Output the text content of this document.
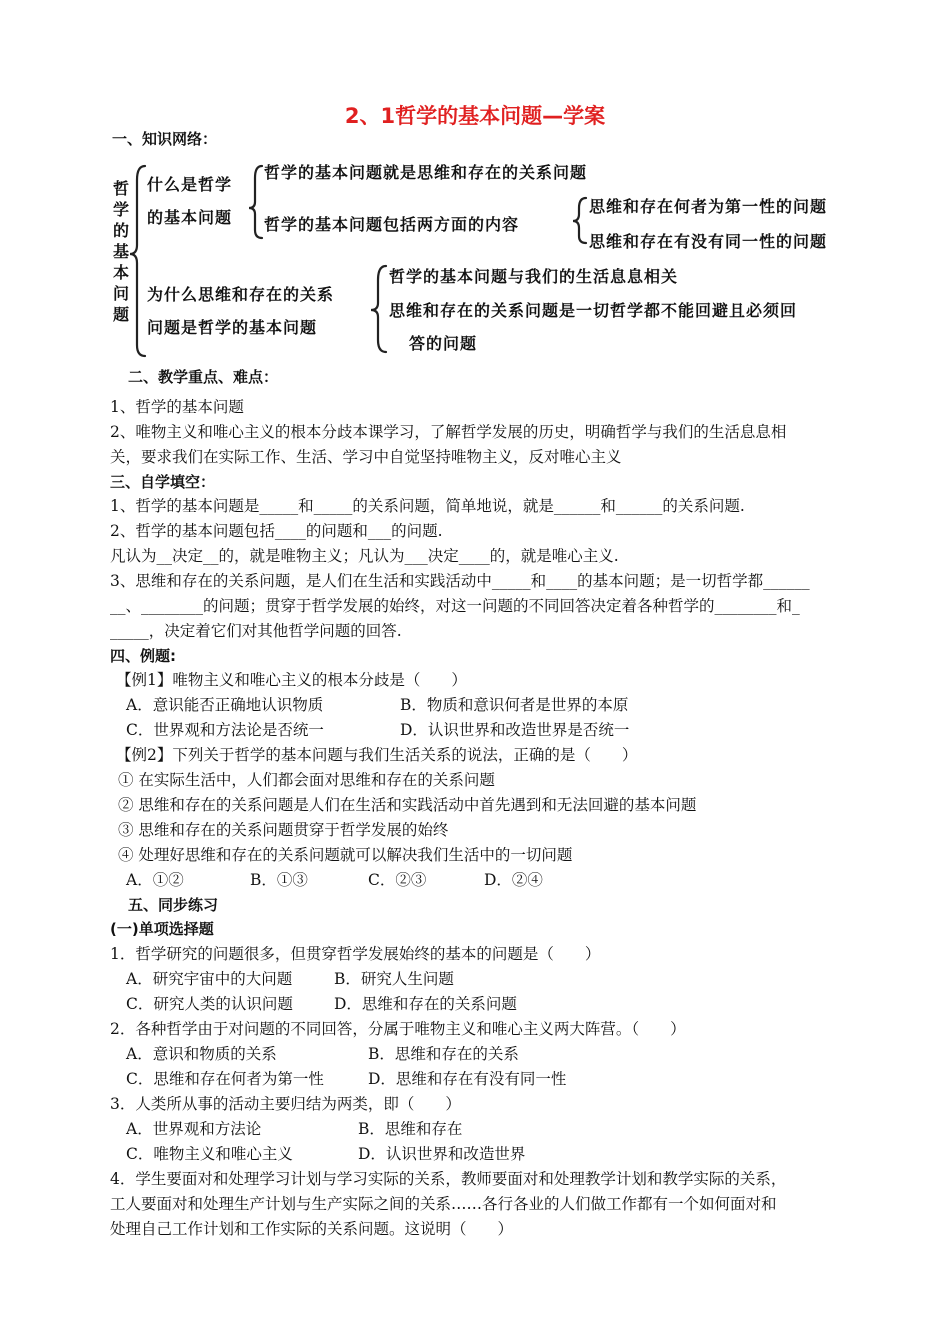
2、1哲学的基本问题—学案
一、知识网络：
哲学的基本问题
什么是哲学
的基本问题
哲学的基本问题就是思维和存在的关系问题
哲学的基本问题包括两方面的内容
思维和存在何者为第一性的问题
思维和存在有没有同一性的问题
为什么思维和存在的关系
问题是哲学的基本问题
哲学的基本问题与我们的生活息息相关
思维和存在的关系问题是一切哲学都不能回避且必须回
答的问题
二、教学重点、难点：
1、哲学的基本问题
2、唯物主义和唯心主义的根本分歧本课学习，了解哲学发展的历史，明确哲学与我们的生活息息相
关，要求我们在实际工作、生活、学习中自觉坚持唯物主义，反对唯心主义
三、自学填空：
1、哲学的基本问题是_____和_____的关系问题，简单地说，就是______和______的关系问题.
2、哲学的基本问题包括____的问题和___的问题.
凡认为__决定__的，就是唯物主义；凡认为___决定____的，就是唯心主义.
3、思维和存在的关系问题，是人们在生活和实践活动中_____和____的基本问题；是一切哲学都______
__、________的问题；贯穿于哲学发展的始终，对这一问题的不同回答决定着各种哲学的________和_
_____，决定着它们对其他哲学问题的回答.
四、例题:
【例1】唯物主义和唯心主义的根本分歧是（　　）
A．意识能否正确地认识物质	B．物质和意识何者是世界的本原
C．世界观和方法论是否统一	D．认识世界和改造世界是否统一
【例2】下列关于哲学的基本问题与我们生活关系的说法，正确的是（　　）
① 在实际生活中，人们都会面对思维和存在的关系问题
② 思维和存在的关系问题是人们在生活和实践活动中首先遇到和无法回避的基本问题
③ 思维和存在的关系问题贯穿于哲学发展的始终
④ 处理好思维和存在的关系问题就可以解决我们生活中的一切问题
A．①②	B．①③	C．②③	D．②④
五、同步练习
(一)单项选择题
1．哲学研究的问题很多，但贯穿哲学发展始终的基本的问题是（　　）
A．研究宇宙中的大问题	B．研究人生问题
C．研究人类的认识问题	D．思维和存在的关系问题
2．各种哲学由于对问题的不同回答，分属于唯物主义和唯心主义两大阵营。（　　）
A．意识和物质的关系	B．思维和存在的关系
C．思维和存在何者为第一性	D．思维和存在有没有同一性
3．人类所从事的活动主要归结为两类，即（　　）
A．世界观和方法论	B．思维和存在
C．唯物主义和唯心主义	D．认识世界和改造世界
4．学生要面对和处理学习计划与学习实际的关系，教师要面对和处理教学计划和教学实际的关系，
工人要面对和处理生产计划与生产实际之间的关系……各行各业的人们做工作都有一个如何面对和
处理自己工作计划和工作实际的关系问题。这说明（　　）
